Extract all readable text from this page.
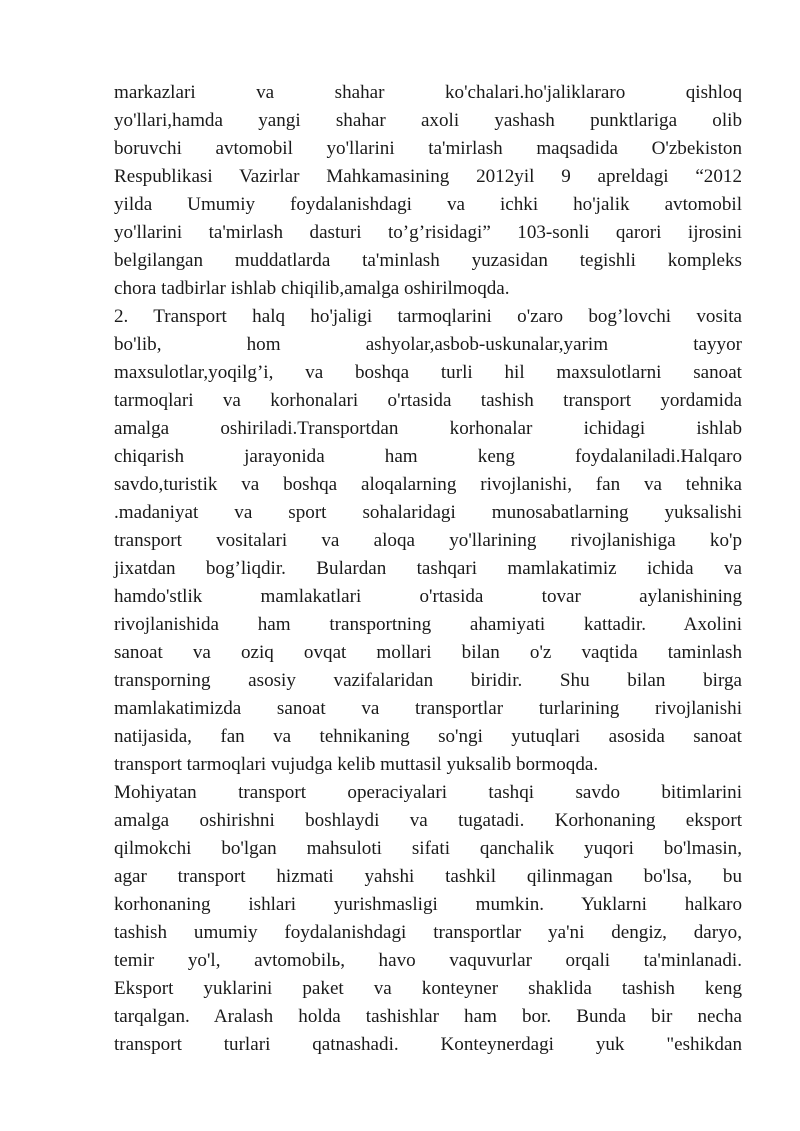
markazlari va shahar ko'chalari.ho'jaliklararo qishloq
yo'llari,hamda yangi shahar axoli yashash punktlariga olib
boruvchi avtomobil yo'llarini ta'mirlash maqsadida O'zbekiston
Respublikasi Vazirlar Mahkamasining 2012yil 9 apreldagi “2012
yilda Umumiy foydalanishdagi va ichki ho'jalik avtomobil
yo'llarini ta'mirlash dasturi to’g’risidagi” 103-sonli qarori ijrosini
belgilangan muddatlarda ta'minlash yuzasidan tegishli kompleks
chora tadbirlar ishlab chiqilib,amalga oshirilmoqda.
2. Transport halq ho'jaligi tarmoqlarini o'zaro bog’lovchi vosita
bo'lib, hom ashyolar,asbob-uskunalar,yarim tayyor
maxsulotlar,yoqilg’i, va boshqa turli hil maxsulotlarni sanoat
tarmoqlari va korhonalari o'rtasida tashish transport yordamida
amalga oshiriladi.Transportdan korhonalar ichidagi ishlab
chiqarish jarayonida ham keng foydalaniladi.Halqaro
savdo,turistik va boshqa aloqalarning rivojlanishi, fan va tehnika
.madaniyat va sport sohalaridagi munosabatlarning yuksalishi
transport vositalari va aloqa yo'llarining rivojlanishiga ko'p
jixatdan bog’liqdir. Bulardan tashqari mamlakatimiz ichida va
hamdo'stlik mamlakatlari o'rtasida tovar aylanishining
rivojlanishida ham transportning ahamiyati kattadir. Axolini
sanoat va oziq ovqat mollari bilan o'z vaqtida taminlash
transporning asosiy vazifalaridan biridir. Shu bilan birga
mamlakatimizda sanoat va transportlar turlarining rivojlanishi
natijasida, fan va tehnikaning so'ngi yutuqlari asosida sanoat
transport tarmoqlari vujudga kelib muttasil yuksalib bormoqda.
Mohiyatan transport operaciyalari tashqi savdo bitimlarini
amalga oshirishni boshlaydi va tugatadi. Korhonaning eksport
qilmokchi bo'lgan mahsuloti sifati qanchalik yuqori bo'lmasin,
agar transport hizmati yahshi tashkil qilinmagan bo'lsa, bu
korhonaning ishlari yurishmasligi mumkin. Yuklarni halkaro
tashish umumiy foydalanishdagi transportlar ya'ni dengiz, daryo,
temir yo'l, avtomobilь, havo vaquvurlar orqali ta'minlanadi.
Eksport yuklarini paket va konteyner shaklida tashish keng
tarqalgan. Aralash holda tashishlar ham bor. Bunda bir necha
transport turlari qatnashadi. Konteynerdagi yuk "eshikdan
